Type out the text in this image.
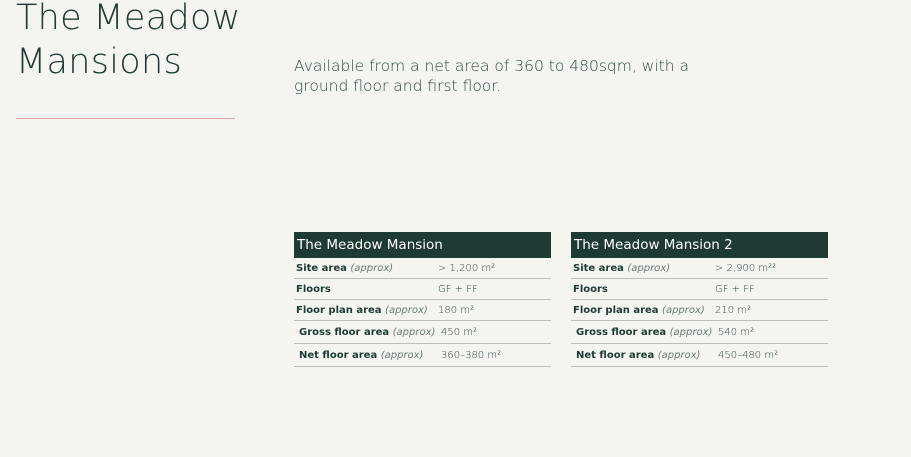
The Meadow
Mansions	Available from a net area of 360 to 480sqm, with a ground floor and first floor.

The Meadow Mansion
Site area (approx)	> 1,200 m²
Floors	GF + FF
Floor plan area (approx)	180 m²
Gross floor area (approx) 450 m²
Net floor area (approx)	360–380 m²
The Meadow Mansion 2
Site area (approx)	> 2,900 m²²
Floors	GF + FF
Floor plan area (approx)	210 m²
Gross floor area (approx) 540 m²
Net floor area (approx)	450–480 m²
